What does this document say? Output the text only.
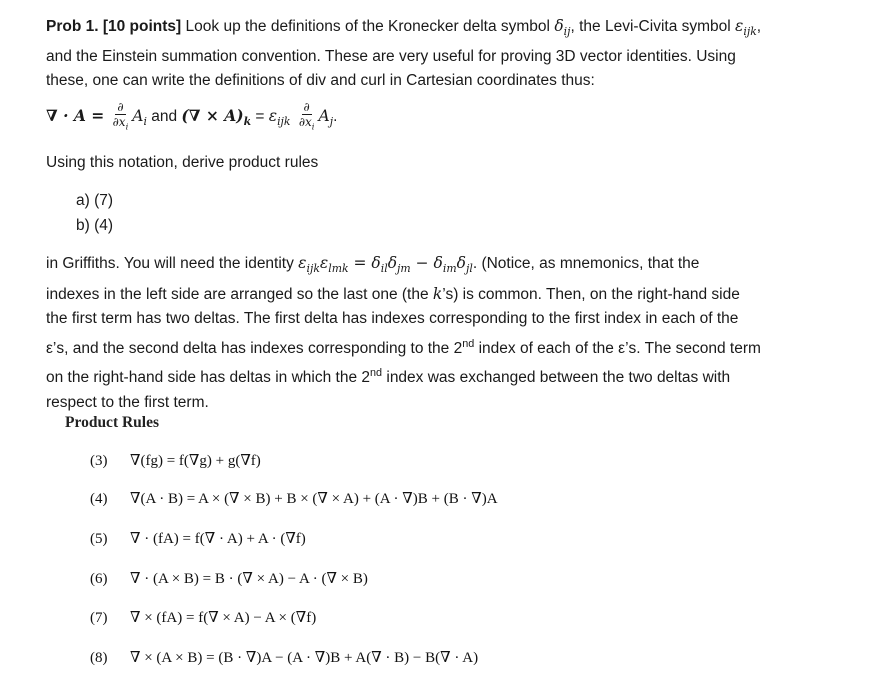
Prob 1. [10 points] Look up the definitions of the Kronecker delta symbol $\delta_{ij}$, the Levi-Civita symbol $\varepsilon_{ijk}$,

and the Einstein summation convention. These are very useful for proving 3D vector identities. Using

these, one can write the definitions of div and curl in Cartesian coordinates thus:

∇ · $A = \frac{\partial}{\partial x_i} A_i$ and (∇ × $A)_k = \varepsilon_{ijk} \frac{\partial}{\partial x_i} A_j$.

Using this notation, derive product rules

a) (7)
b) (4)

in Griffiths. You will need the identity $\varepsilon_{ijk}\varepsilon_{lmk} = \delta_{il}\delta_{jm} - \delta_{im}\delta_{jl}$. (Notice, as mnemonics, that the

indexes in the left side are arranged so the last one (the k’s) is common. Then, on the right-hand side

the first term has two deltas. The first delta has indexes corresponding to the first index in each of the

ε’s, and the second delta has indexes corresponding to the 2nd index of each of the ε’s. The second term

on the right-hand side has deltas in which the 2nd index was exchanged between the two deltas with

respect to the first term.

Product Rules
(3) ∇(fg) = f(∇g) + g(∇f)
(4) ∇(A · B) = A × (∇ × B) + B × (∇ × A) + (A · ∇)B + (B · ∇)A
(5) ∇ · (fA) = f(∇ · A) + A · (∇f)
(6) ∇ · (A × B) = B · (∇ × A) − A · (∇ × B)
(7) ∇ × (fA) = f(∇ × A) − A × (∇f)
(8) ∇ × (A × B) = (B · ∇)A − (A · ∇)B + A(∇ · B) − B(∇ · A)
